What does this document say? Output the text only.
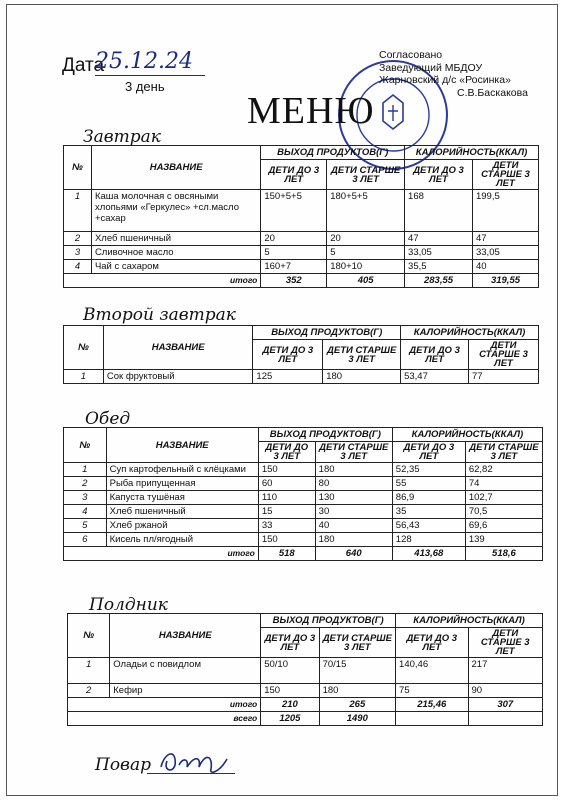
Дата
25.12.24
3 день
Согласовано
Заведующий МБДОУ
Жарновский д/с «Росинка»
С.В.Баскакова
МЕНЮ
Завтрак
№	НАЗВАНИЕ	ВЫХОД ПРОДУКТОВ(Г)		КАЛОРИЙНОСТЬ(ККАЛ)	
		ДЕТИ ДО 3 ЛЕТ	ДЕТИ СТАРШЕ 3 ЛЕТ	ДЕТИ ДО 3 ЛЕТ	ДЕТИ СТАРШЕ 3 ЛЕТ
1	Каша молочная с овсяными хлопьями «Геркулес» +сл.масло +сахар	150+5+5	180+5+5	168	199,5
2	Хлеб пшеничный	20	20	47	47
3	Сливочное масло	5	5	33,05	33,05
4	Чай с сахаром	160+7	180+10	35,5	40
итого		352	405	283,55	319,55
Второй завтрак
№	НАЗВАНИЕ	ВЫХОД ПРОДУКТОВ(Г)		КАЛОРИЙНОСТЬ(ККАЛ)	
		ДЕТИ ДО 3 ЛЕТ	ДЕТИ СТАРШЕ 3 ЛЕТ	ДЕТИ ДО 3 ЛЕТ	ДЕТИ СТАРШЕ 3 ЛЕТ
1	Сок фруктовый	125	180	53,47	77
Обед
№	НАЗВАНИЕ	ВЫХОД ПРОДУКТОВ(Г)		КАЛОРИЙНОСТЬ(ККАЛ)	
		ДЕТИ ДО 3 ЛЕТ	ДЕТИ СТАРШЕ 3 ЛЕТ	ДЕТИ ДО 3 ЛЕТ	ДЕТИ СТАРШЕ 3 ЛЕТ
1	Суп картофельный с клёцками	150	180	52,35	62,82
2	Рыба припущенная	60	80	55	74
3	Капуста тушёная	110	130	86,9	102,7
4	Хлеб пшеничный	15	30	35	70,5
5	Хлеб ржаной	33	40	56,43	69,6
6	Кисель пл/ягодный	150	180	128	139
итого		518	640	413,68	518,6
Полдник
№	НАЗВАНИЕ	ВЫХОД ПРОДУКТОВ(Г)		КАЛОРИЙНОСТЬ(ККАЛ)	
		ДЕТИ ДО 3 ЛЕТ	ДЕТИ СТАРШЕ 3 ЛЕТ	ДЕТИ ДО 3 ЛЕТ	ДЕТИ СТАРШЕ 3 ЛЕТ
1	Оладьи с повидлом	50/10	70/15	140,46	217
2	Кефир	150	180	75	90
итого		210	265	215,46	307
всего		1205	1490		
Повар
